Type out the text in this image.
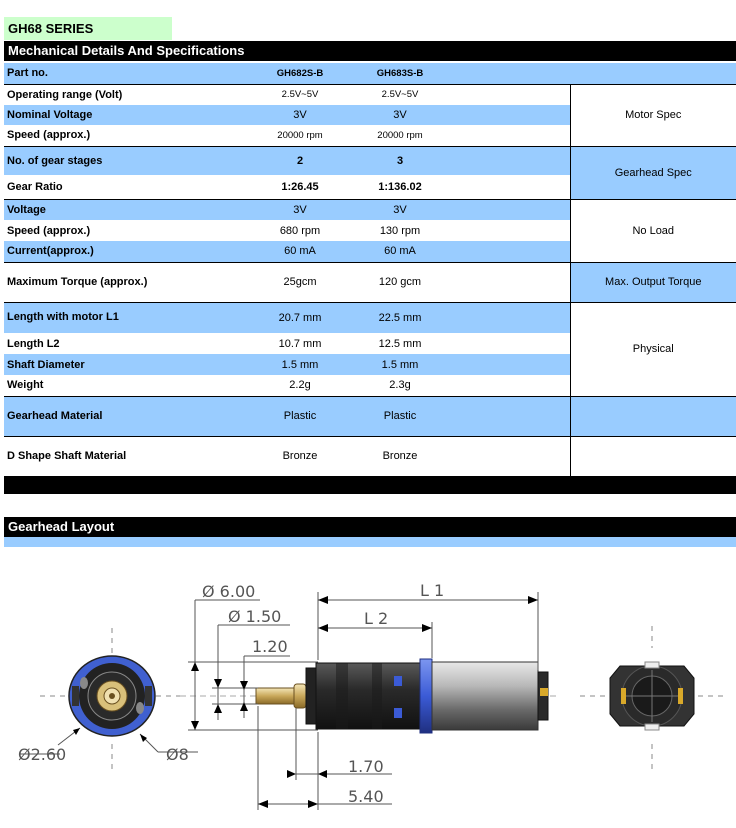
GH68 SERIES
Mechanical Details And Specifications
Part no.	GH682S-B	GH683S-B		
Operating range (Volt)	2.5V~5V	2.5V~5V		Motor Spec
Nominal Voltage	3V	3V		
Speed (approx.)	20000 rpm	20000 rpm		
No. of gear stages	2	3		Gearhead Spec
Gear Ratio	1:26.45	1:136.02		
Voltage	3V	3V		No Load
Speed (approx.)	680 rpm	130 rpm		
Current(approx.)	60 mA	60 mA		
Maximum Torque (approx.)	25gcm	120 gcm		Max. Output Torque
Length with motor L1	20.7 mm	22.5 mm		Physical
Length L2	10.7 mm	12.5 mm		
Shaft Diameter	1.5 mm	1.5 mm		
Weight	2.2g	2.3g		
Gearhead Material	Plastic	Plastic		
D Shape Shaft Material	Bronze	Bronze		
Gearhead Layout
Ø2.60	Ø8
Ø 6.00
Ø 1.50
1.20
L 1
L 2
1.70
5.40
